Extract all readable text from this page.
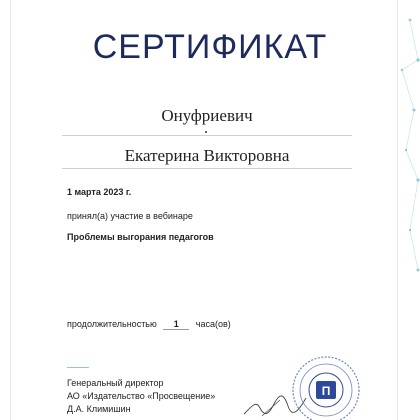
СЕРТИФИКАТ
Онуфриевич
Екатерина Викторовна
1 марта 2023 г.
принял(а) участие в вебинаре
Проблемы выгорания педагогов
продолжительностью 1 часа(ов)
Генеральный директор
АО «Издательство «Просвещение»
Д.А. Климишин
П
